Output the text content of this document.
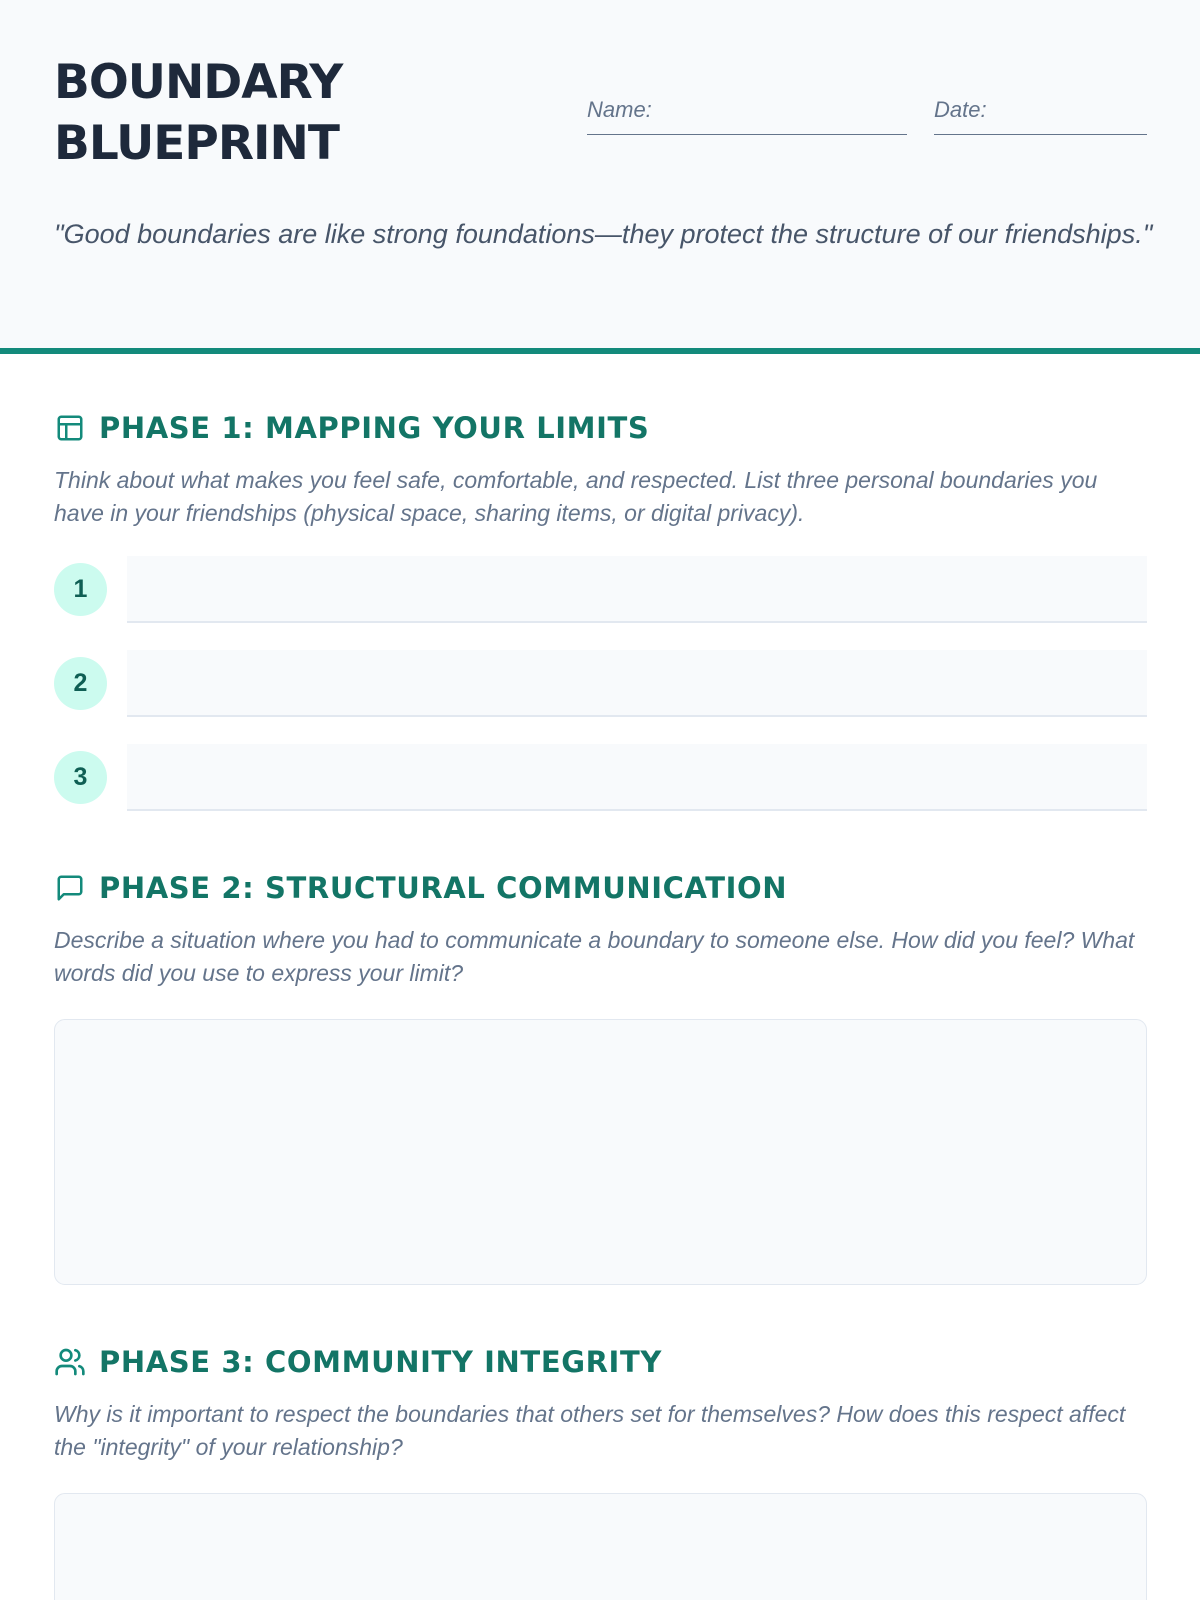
BOUNDARY
BLUEPRINT
Name:	Date:

"Good boundaries are like strong foundations—they protect the structure of our friendships."

PHASE 1: MAPPING YOUR LIMITS

Think about what makes you feel safe, comfortable, and respected. List three personal boundaries you have in your friendships (physical space, sharing items, or digital privacy).

1
2
3
PHASE 2: STRUCTURAL COMMUNICATION

Describe a situation where you had to communicate a boundary to someone else. How did you feel? What words did you use to express your limit?

PHASE 3: COMMUNITY INTEGRITY

Why is it important to respect the boundaries that others set for themselves? How does this respect affect the "integrity" of your relationship?
